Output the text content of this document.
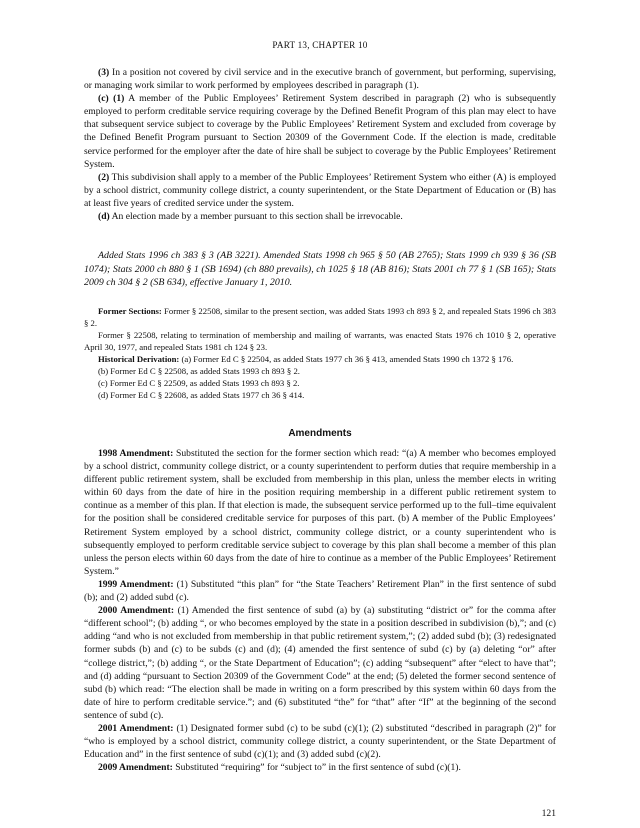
PART 13, CHAPTER 10

(3) In a position not covered by civil service and in the executive branch of government, but performing, supervising, or managing work similar to work performed by employees described in paragraph (1).

(c) (1) A member of the Public Employees’ Retirement System described in paragraph (2) who is subsequently employed to perform creditable service requiring coverage by the Defined Benefit Program of this plan may elect to have that subsequent service subject to coverage by the Public Employees’ Retirement System and excluded from coverage by the Defined Benefit Program pursuant to Section 20309 of the Government Code. If the election is made, creditable service performed for the employer after the date of hire shall be subject to coverage by the Public Employees’ Retirement System.

(2) This subdivision shall apply to a member of the Public Employees’ Retirement System who either (A) is employed by a school district, community college district, a county superintendent, or the State Department of Education or (B) has at least five years of credited service under the system.

(d) An election made by a member pursuant to this section shall be irrevocable.

Added Stats 1996 ch 383 § 3 (AB 3221). Amended Stats 1998 ch 965 § 50 (AB 2765); Stats 1999 ch 939 § 36 (SB 1074); Stats 2000 ch 880 § 1 (SB 1694) (ch 880 prevails), ch 1025 § 18 (AB 816); Stats 2001 ch 77 § 1 (SB 165); Stats 2009 ch 304 § 2 (SB 634), effective January 1, 2010.

Former Sections: Former § 22508, similar to the present section, was added Stats 1993 ch 893 § 2, and repealed Stats 1996 ch 383 § 2.

Former § 22508, relating to termination of membership and mailing of warrants, was enacted Stats 1976 ch 1010 § 2, operative April 30, 1977, and repealed Stats 1981 ch 124 § 23.

Historical Derivation: (a) Former Ed C § 22504, as added Stats 1977 ch 36 § 413, amended Stats 1990 ch 1372 § 176.

(b) Former Ed C § 22508, as added Stats 1993 ch 893 § 2.

(c) Former Ed C § 22509, as added Stats 1993 ch 893 § 2.

(d) Former Ed C § 22608, as added Stats 1977 ch 36 § 414.

Amendments

1998 Amendment: Substituted the section for the former section which read: “(a) A member who becomes employed by a school district, community college district, or a county superintendent to perform duties that require membership in a different public retirement system, shall be excluded from membership in this plan, unless the member elects in writing within 60 days from the date of hire in the position requiring membership in a different public retirement system to continue as a member of this plan. If that election is made, the subsequent service performed up to the full–time equivalent for the position shall be considered creditable service for purposes of this part. (b) A member of the Public Employees’ Retirement System employed by a school district, community college district, or a county superintendent who is subsequently employed to perform creditable service subject to coverage by this plan shall become a member of this plan unless the person elects within 60 days from the date of hire to continue as a member of the Public Employees’ Retirement System.”

1999 Amendment: (1) Substituted “this plan” for “the State Teachers’ Retirement Plan” in the first sentence of subd (b); and (2) added subd (c).

2000 Amendment: (1) Amended the first sentence of subd (a) by (a) substituting “district or” for the comma after “different school”; (b) adding “, or who becomes employed by the state in a position described in subdivision (b),”; and (c) adding “and who is not excluded from membership in that public retirement system,”; (2) added subd (b); (3) redesignated former subds (b) and (c) to be subds (c) and (d); (4) amended the first sentence of subd (c) by (a) deleting “or” after “college district,”; (b) adding “, or the State Department of Education”; (c) adding “subsequent” after “elect to have that”; and (d) adding “pursuant to Section 20309 of the Government Code” at the end; (5) deleted the former second sentence of subd (b) which read: “The election shall be made in writing on a form prescribed by this system within 60 days from the date of hire to perform creditable service.”; and (6) substituted “the” for “that” after “If” at the beginning of the second sentence of subd (c).

2001 Amendment: (1) Designated former subd (c) to be subd (c)(1); (2) substituted “described in paragraph (2)” for “who is employed by a school district, community college district, a county superintendent, or the State Department of Education and” in the first sentence of subd (c)(1); and (3) added subd (c)(2).

2009 Amendment: Substituted “requiring” for “subject to” in the first sentence of subd (c)(1).

121
